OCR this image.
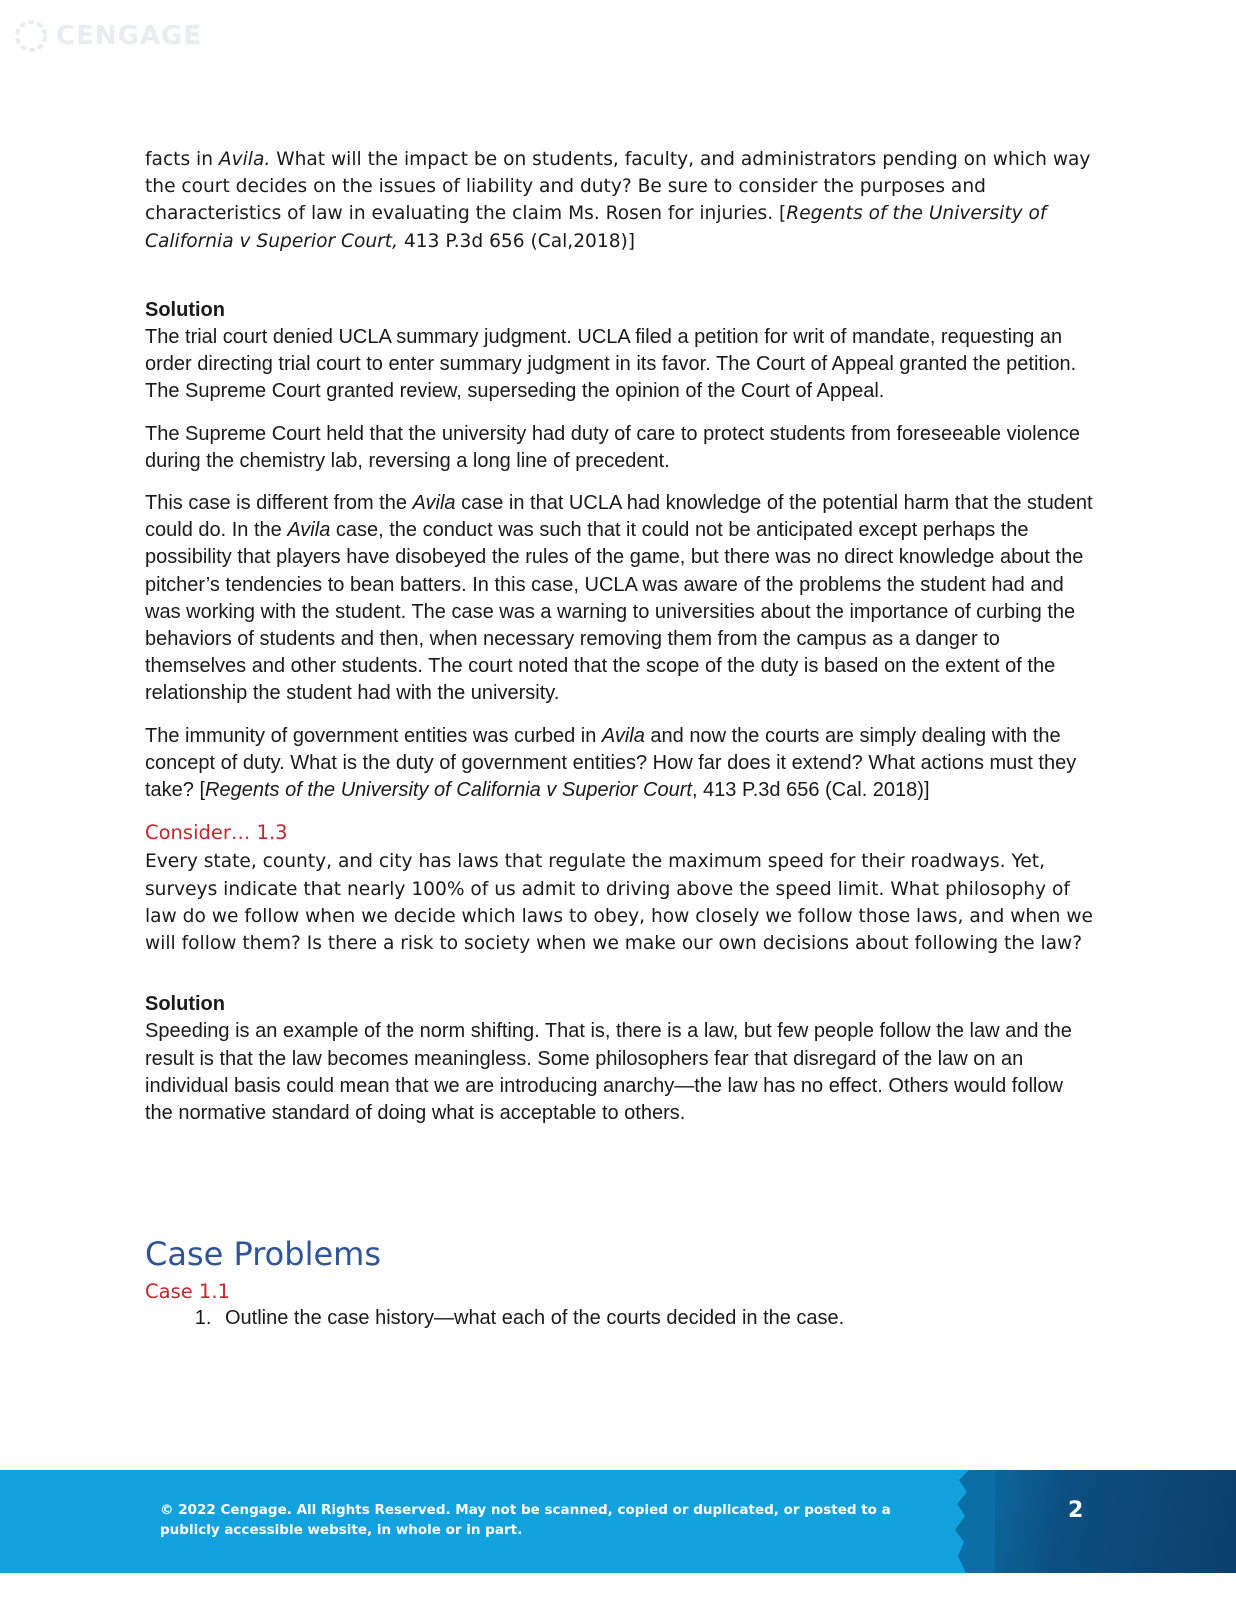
CENGAGE

facts in Avila. What will the impact be on students, faculty, and administrators pending on which way the court decides on the issues of liability and duty? Be sure to consider the purposes and characteristics of law in evaluating the claim Ms. Rosen for injuries. [Regents of the University of California v Superior Court, 413 P.3d 656 (Cal,2018)]

Solution

The trial court denied UCLA summary judgment. UCLA filed a petition for writ of mandate, requesting an order directing trial court to enter summary judgment in its favor. The Court of Appeal granted the petition. The Supreme Court granted review, superseding the opinion of the Court of Appeal.

The Supreme Court held that the university had duty of care to protect students from foreseeable violence during the chemistry lab, reversing a long line of precedent.

This case is different from the Avila case in that UCLA had knowledge of the potential harm that the student could do. In the Avila case, the conduct was such that it could not be anticipated except perhaps the possibility that players have disobeyed the rules of the game, but there was no direct knowledge about the pitcher’s tendencies to bean batters. In this case, UCLA was aware of the problems the student had and was working with the student. The case was a warning to universities about the importance of curbing the behaviors of students and then, when necessary removing them from the campus as a danger to themselves and other students. The court noted that the scope of the duty is based on the extent of the relationship the student had with the university.

The immunity of government entities was curbed in Avila and now the courts are simply dealing with the concept of duty. What is the duty of government entities? How far does it extend? What actions must they take? [Regents of the University of California v Superior Court, 413 P.3d 656 (Cal. 2018)]

Consider… 1.3

Every state, county, and city has laws that regulate the maximum speed for their roadways. Yet, surveys indicate that nearly 100% of us admit to driving above the speed limit. What philosophy of law do we follow when we decide which laws to obey, how closely we follow those laws, and when we will follow them? Is there a risk to society when we make our own decisions about following the law?

Solution

Speeding is an example of the norm shifting. That is, there is a law, but few people follow the law and the result is that the law becomes meaningless. Some philosophers fear that disregard of the law on an individual basis could mean that we are introducing anarchy—the law has no effect. Others would follow the normative standard of doing what is acceptable to others.

Case Problems

Case 1.1

1. Outline the case history—what each of the courts decided in the case.
© 2022 Cengage. All Rights Reserved. May not be scanned, copied or duplicated, or posted to a publicly accessible website, in whole or in part.
2
